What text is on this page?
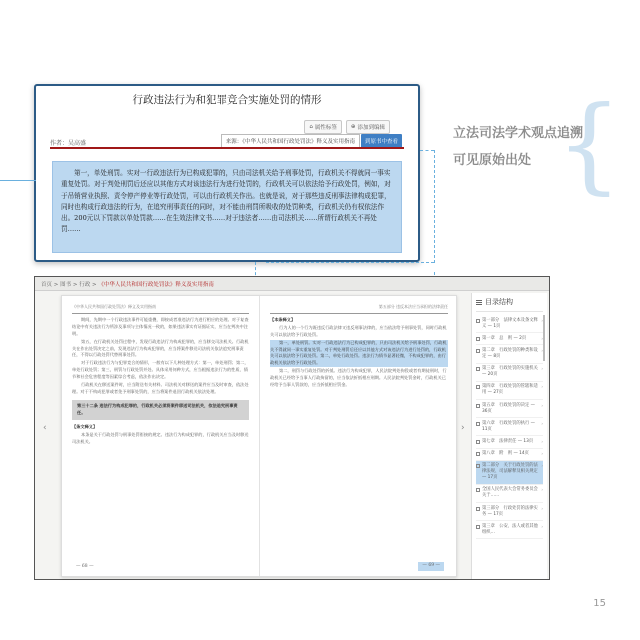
行政违法行为和犯罪竞合实施处罚的情形
⌂ 属性标签	⊕ 添加到编辑
作者：吴高盛	来源：《中华人民共和国行政处罚法》释义及实用指南	到原书中查看
第一，单处刑罚。实对一行政违法行为已构成犯罪的，只由司法机关给予刑事处罚，行政机关不得就同一事实重复处罚。对于判处刑罚后还应以其他方式对该违法行为进行处罚的，行政机关可以依法给予行政处罚，例如，对于吊销营业执照、责令停产停业等行政处罚，可以由行政机关作出。也就是说，对于那些违反刑事法律构成犯罪，同时也构成行政违法的行为，在追究刑事责任的同时，对不能由刑罚所吸收的处罚种类，行政机关仍有权依法作出。200元以下罚款以单处罚款……在生效法律文书……对于违法者……由司法机关……所谓行政机关不再处罚……
立法司法学术观点追溯
可见原始出处 {
首页 > 图书 > 行政 > 《中华人民共和国行政处罚法》释义及实用指南
‹
《中华人民共和国行政处罚法》释义及实用指南
期间，先期中一个行政违法事件可能重叠，即按成者准违法行为进行相应的处理。对于复查结论中有关违法行为所涉及事项与主体情况一致的，如果违法事实有证据证实，应当在判决中注明。
第五，在行政机关处罚过程中，发现行政违法行为构成犯罪的，应当移交司法机关。行政机关在作出处罚决定之前，发现违法行为构成犯罪的，应当将案件移送司法机关依法追究刑事责任，不得以行政处罚代替刑事处罚。
对于行政违法行为与犯罪竞合的情形，一般有以下几种处理方式：第一，单处刑罚；第二，单处行政处罚；第三，刑罚与行政处罚并处。具体采用何种方式，应当根据违法行为的性质、情节和社会危害程度等因素综合考虑，依法作出决定。
行政机关在移送案件时，应当附送有关材料。司法机关对移送的案件应当及时审查，依法处理。对于不构成犯罪或者免予刑事处罚的，应当将案件退回行政机关依法处理。
第三十二条 违法行为构成犯罪的，行政机关必须将案件移送司法机关，依法追究刑事责任。
【条文释义】
本条是关于行政处罚与刑事处罚衔接的规定。违法行为构成犯罪的，行政机关应当及时移送司法机关。
— 68 —
第五部分 违反本法应当承担的法律责任
【本条释义】
行为人的一个行为既违反行政法律又违反刑事法律的，应当依法给予刑事处罚，同时行政机关可以依法给予行政处罚。
第一，单处刑罚。实对一行政违法行为已构成犯罪的，只由司法机关给予刑事处罚，行政机关不得就同一事实重复处罚。对于判处刑罚后还应以其他方式对该违法行为进行处罚的，行政机关可以依法给予行政处罚。第二，单处行政处罚。违法行为情节显著轻微，不构成犯罪的，由行政机关依法给予行政处罚。
第二，刑罚与行政处罚的折抵。违法行为构成犯罪，人民法院判处拘役或者有期徒刑时，行政机关已经给予当事人行政拘留的，应当依法折抵相应刑期。人民法院判处罚金时，行政机关已经给予当事人罚款的，应当折抵相应罚金。
— 69 —
›
目录结构
第一部分　法律文本及条文释义 — 1页
第一章　总　则 — 2页
第二章　行政处罚的种类和设定 — 8页
第三章　行政处罚的实施机关 — 20页
›
第四章　行政处罚的管辖和适用 — 27页
›
第五章　行政处罚的决定 — 36页
›
第六章　行政处罚的执行 — 11页
›
第七章　法律责任 — 13页	›
第八章　附　则 — 14页	›
第二部分　关于行政处罚的法律法规、司法解释及相关规定 — 17页
›
全国人民代表大会常务委员会关于……
›
第三部分　行政处罚的法律实务 — 17页
›
第三章　公安、法人或者其他组织…
›
15
